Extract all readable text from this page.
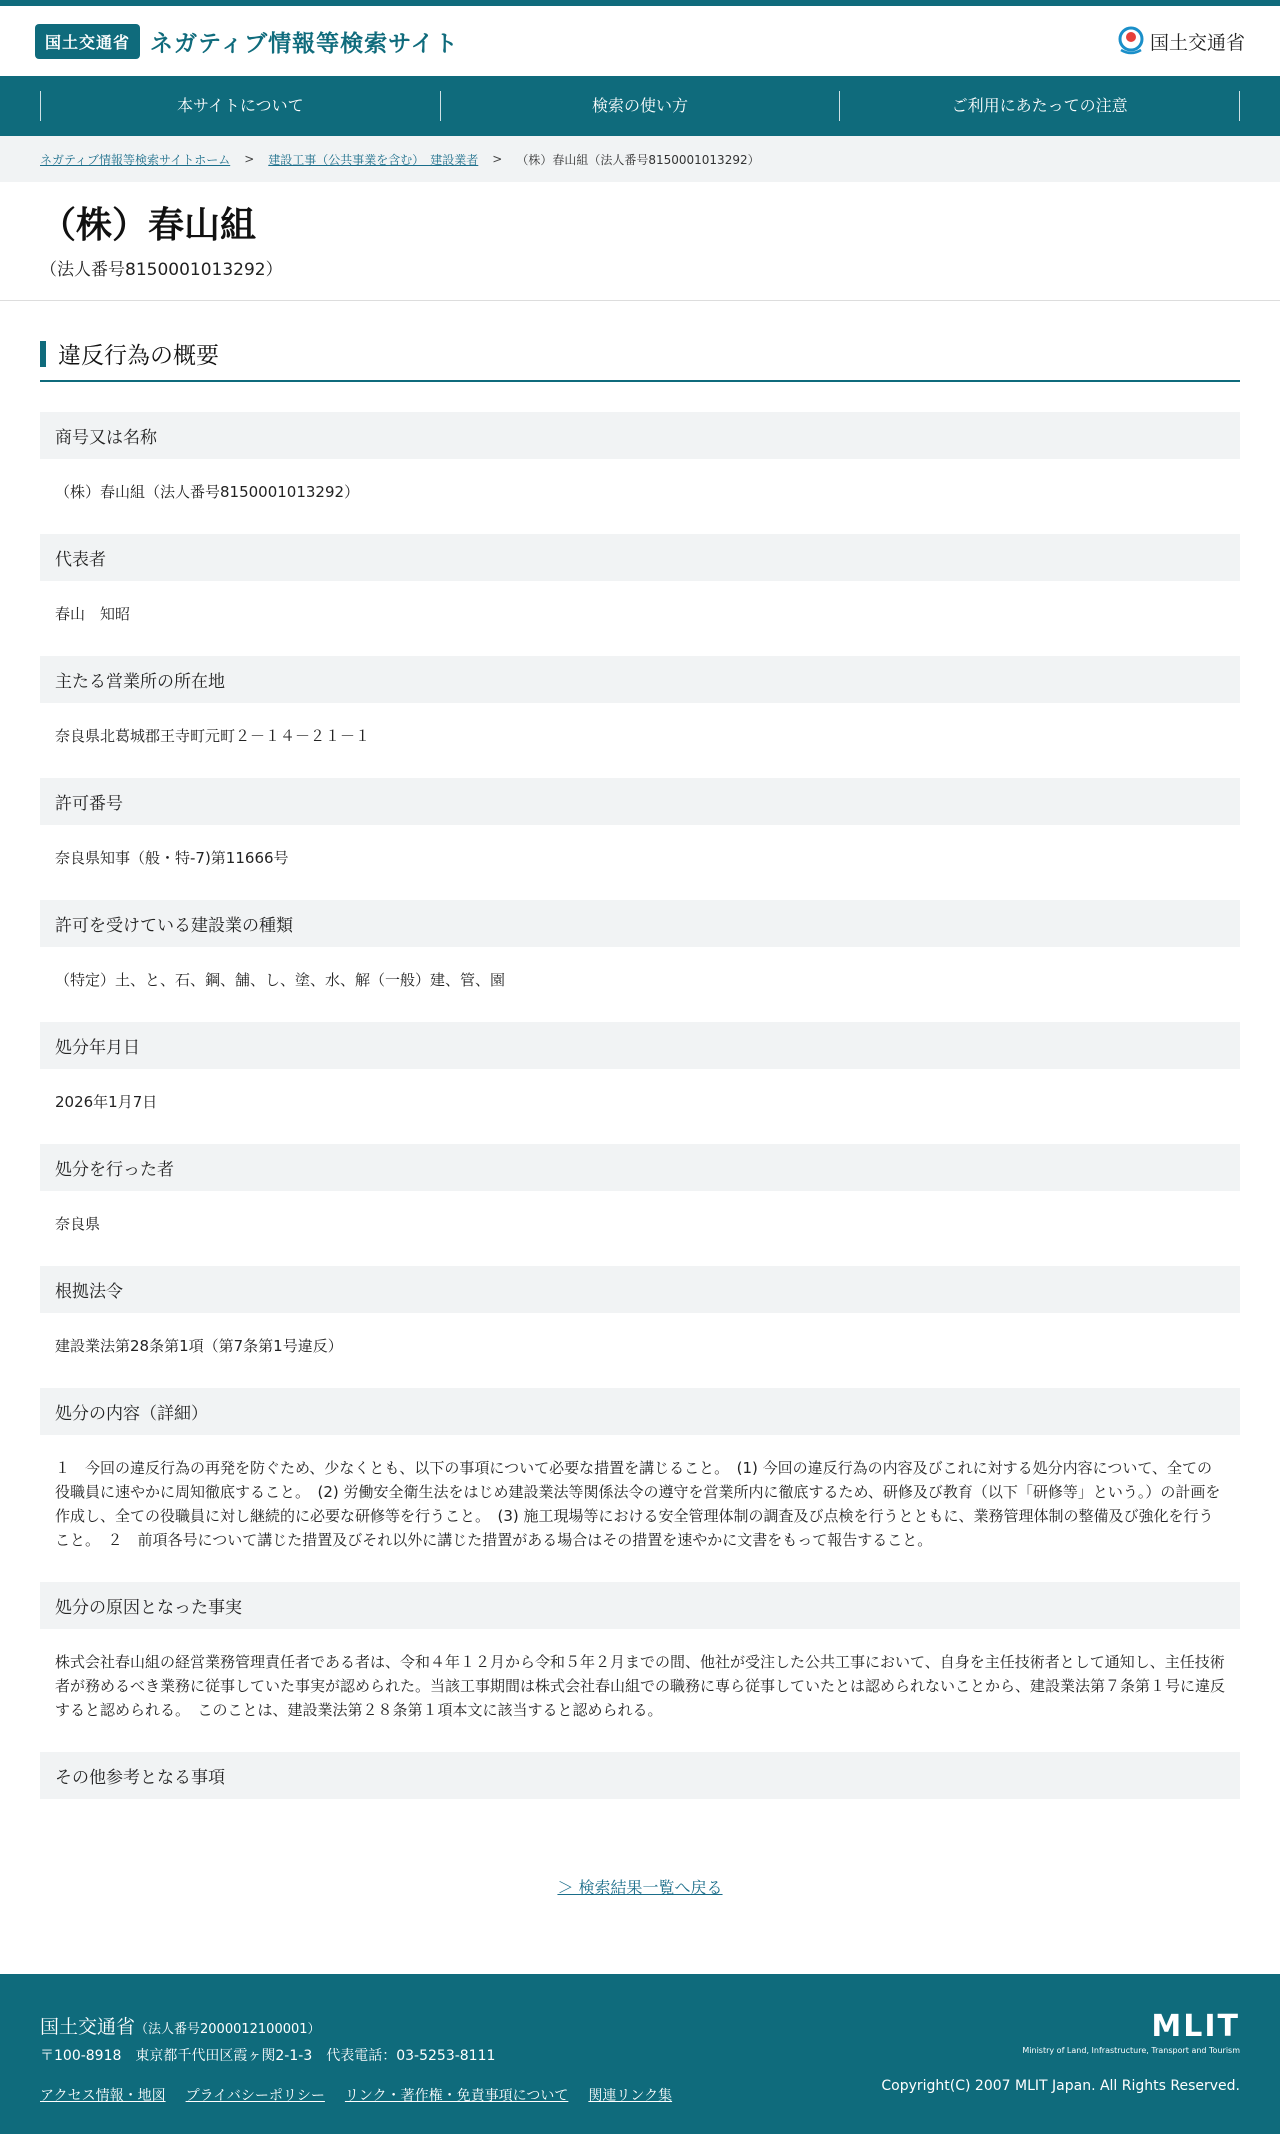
国土交通省 ネガティブ情報等検索サイト	国土交通省
本サイトについて	検索の使い方	ご利用にあたっての注意
ネガティブ情報等検索サイトホーム > 建設工事（公共事業を含む）　建設業者 > （株）春山組（法人番号8150001013292）
（株）春山組
（法人番号8150001013292）
違反行為の概要
商号又は名称
（株）春山組（法人番号8150001013292）
代表者
春山　知昭
主たる営業所の所在地
奈良県北葛城郡王寺町元町２－１４－２１－１
許可番号
奈良県知事（般・特-7)第11666号
許可を受けている建設業の種類
（特定）土、と、石、鋼、舗、し、塗、水、解（一般）建、管、園
処分年月日
2026年1月7日
処分を行った者
奈良県
根拠法令
建設業法第28条第1項（第7条第1号違反）
処分の内容（詳細）
１　今回の違反行為の再発を防ぐため、少なくとも、以下の事項について必要な措置を講じること。　(1) 今回の違反行為の内容及びこれに対する処分内容について、全ての役職員に速やかに周知徹底すること。　(2) 労働安全衛生法をはじめ建設業法等関係法令の遵守を営業所内に徹底するため、研修及び教育（以下「研修等」という。）の計画を作成し、全ての役職員に対し継続的に必要な研修等を行うこと。　(3) 施工現場等における安全管理体制の調査及び点検を行うとともに、業務管理体制の整備及び強化を行うこと。　２　前項各号について講じた措置及びそれ以外に講じた措置がある場合はその措置を速やかに文書をもって報告すること。
処分の原因となった事実
株式会社春山組の経営業務管理責任者である者は、令和４年１２月から令和５年２月までの間、他社が受注した公共工事において、自身を主任技術者として通知し、主任技術者が務めるべき業務に従事していた事実が認められた。当該工事期間は株式会社春山組での職務に専ら従事していたとは認められないことから、建設業法第７条第１号に違反すると認められる。　このことは、建設業法第２８条第１項本文に該当すると認められる。
その他参考となる事項
＞ 検索結果一覧へ戻る
国土交通省（法人番号2000012100001）
〒100-8918　東京都千代田区霞ヶ関2-1-3　代表電話：03-5253-8111
アクセス情報・地図 プライバシーポリシー リンク・著作権・免責事項について 関連リンク集
MLIT
Ministry of Land, Infrastructure, Transport and Tourism
Copyright(C) 2007 MLIT Japan. All Rights Reserved.
